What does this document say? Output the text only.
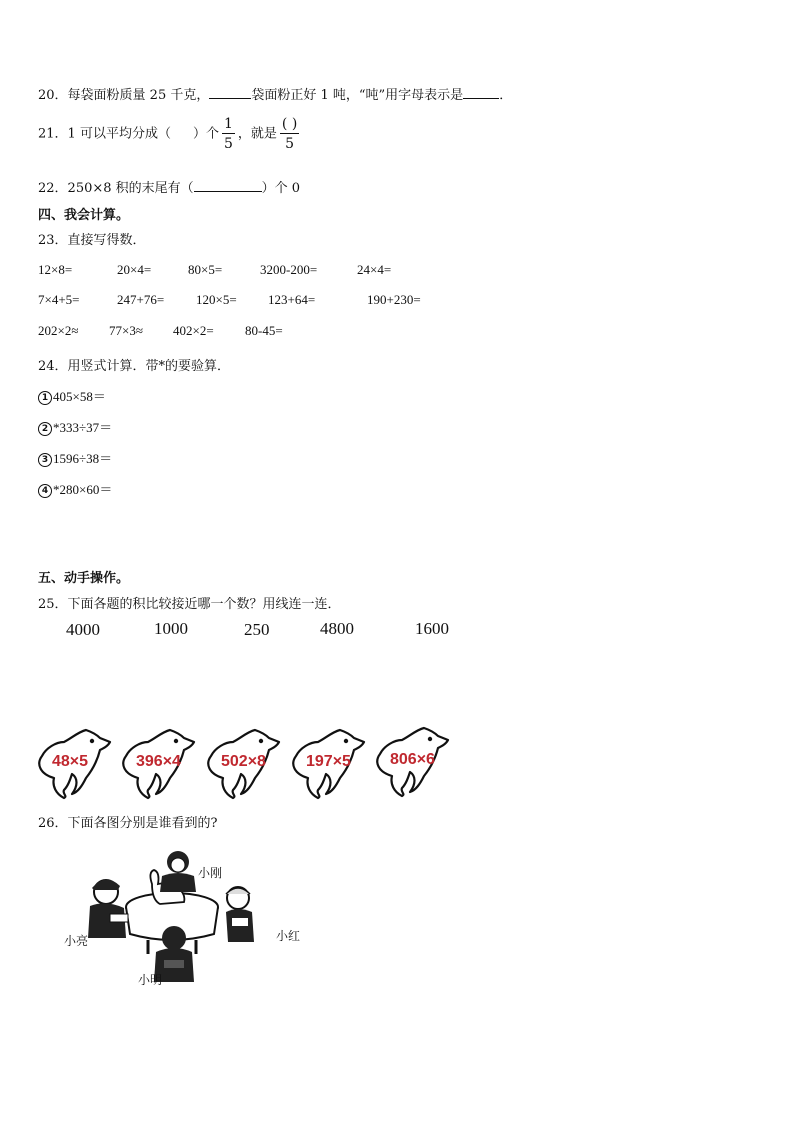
20．每袋面粉质量 25 千克，	袋面粉正好 1 吨，“吨”用字母表示是	．
21．1 可以平均分成（ ）个 $\frac{1}{5}$ ，就是 $\frac{( )}{5}$
22．250×8 积的末尾有（	）个 0
四、我会计算。
23．直接写得数．
12×8=	20×4=	80×5=	3200-200=	24×4=
7×4+5=	247+76= 120×5= 123+64=	190+230=
202×2≈ 77×3≈ 402×2= 80-45=
24．用竖式计算．带*的要验算．
1 405×58＝
2 *333÷37＝
3 1596÷38＝
4 *280×60＝
五、动手操作。
25．下面各题的积比较接近哪一个数？用线连一连．
4000	1000	250	4800	1600
48×5	396×4	502×8	197×5 806×6
26．下面各图分别是谁看到的?
小刚
小红
小亮
小明
